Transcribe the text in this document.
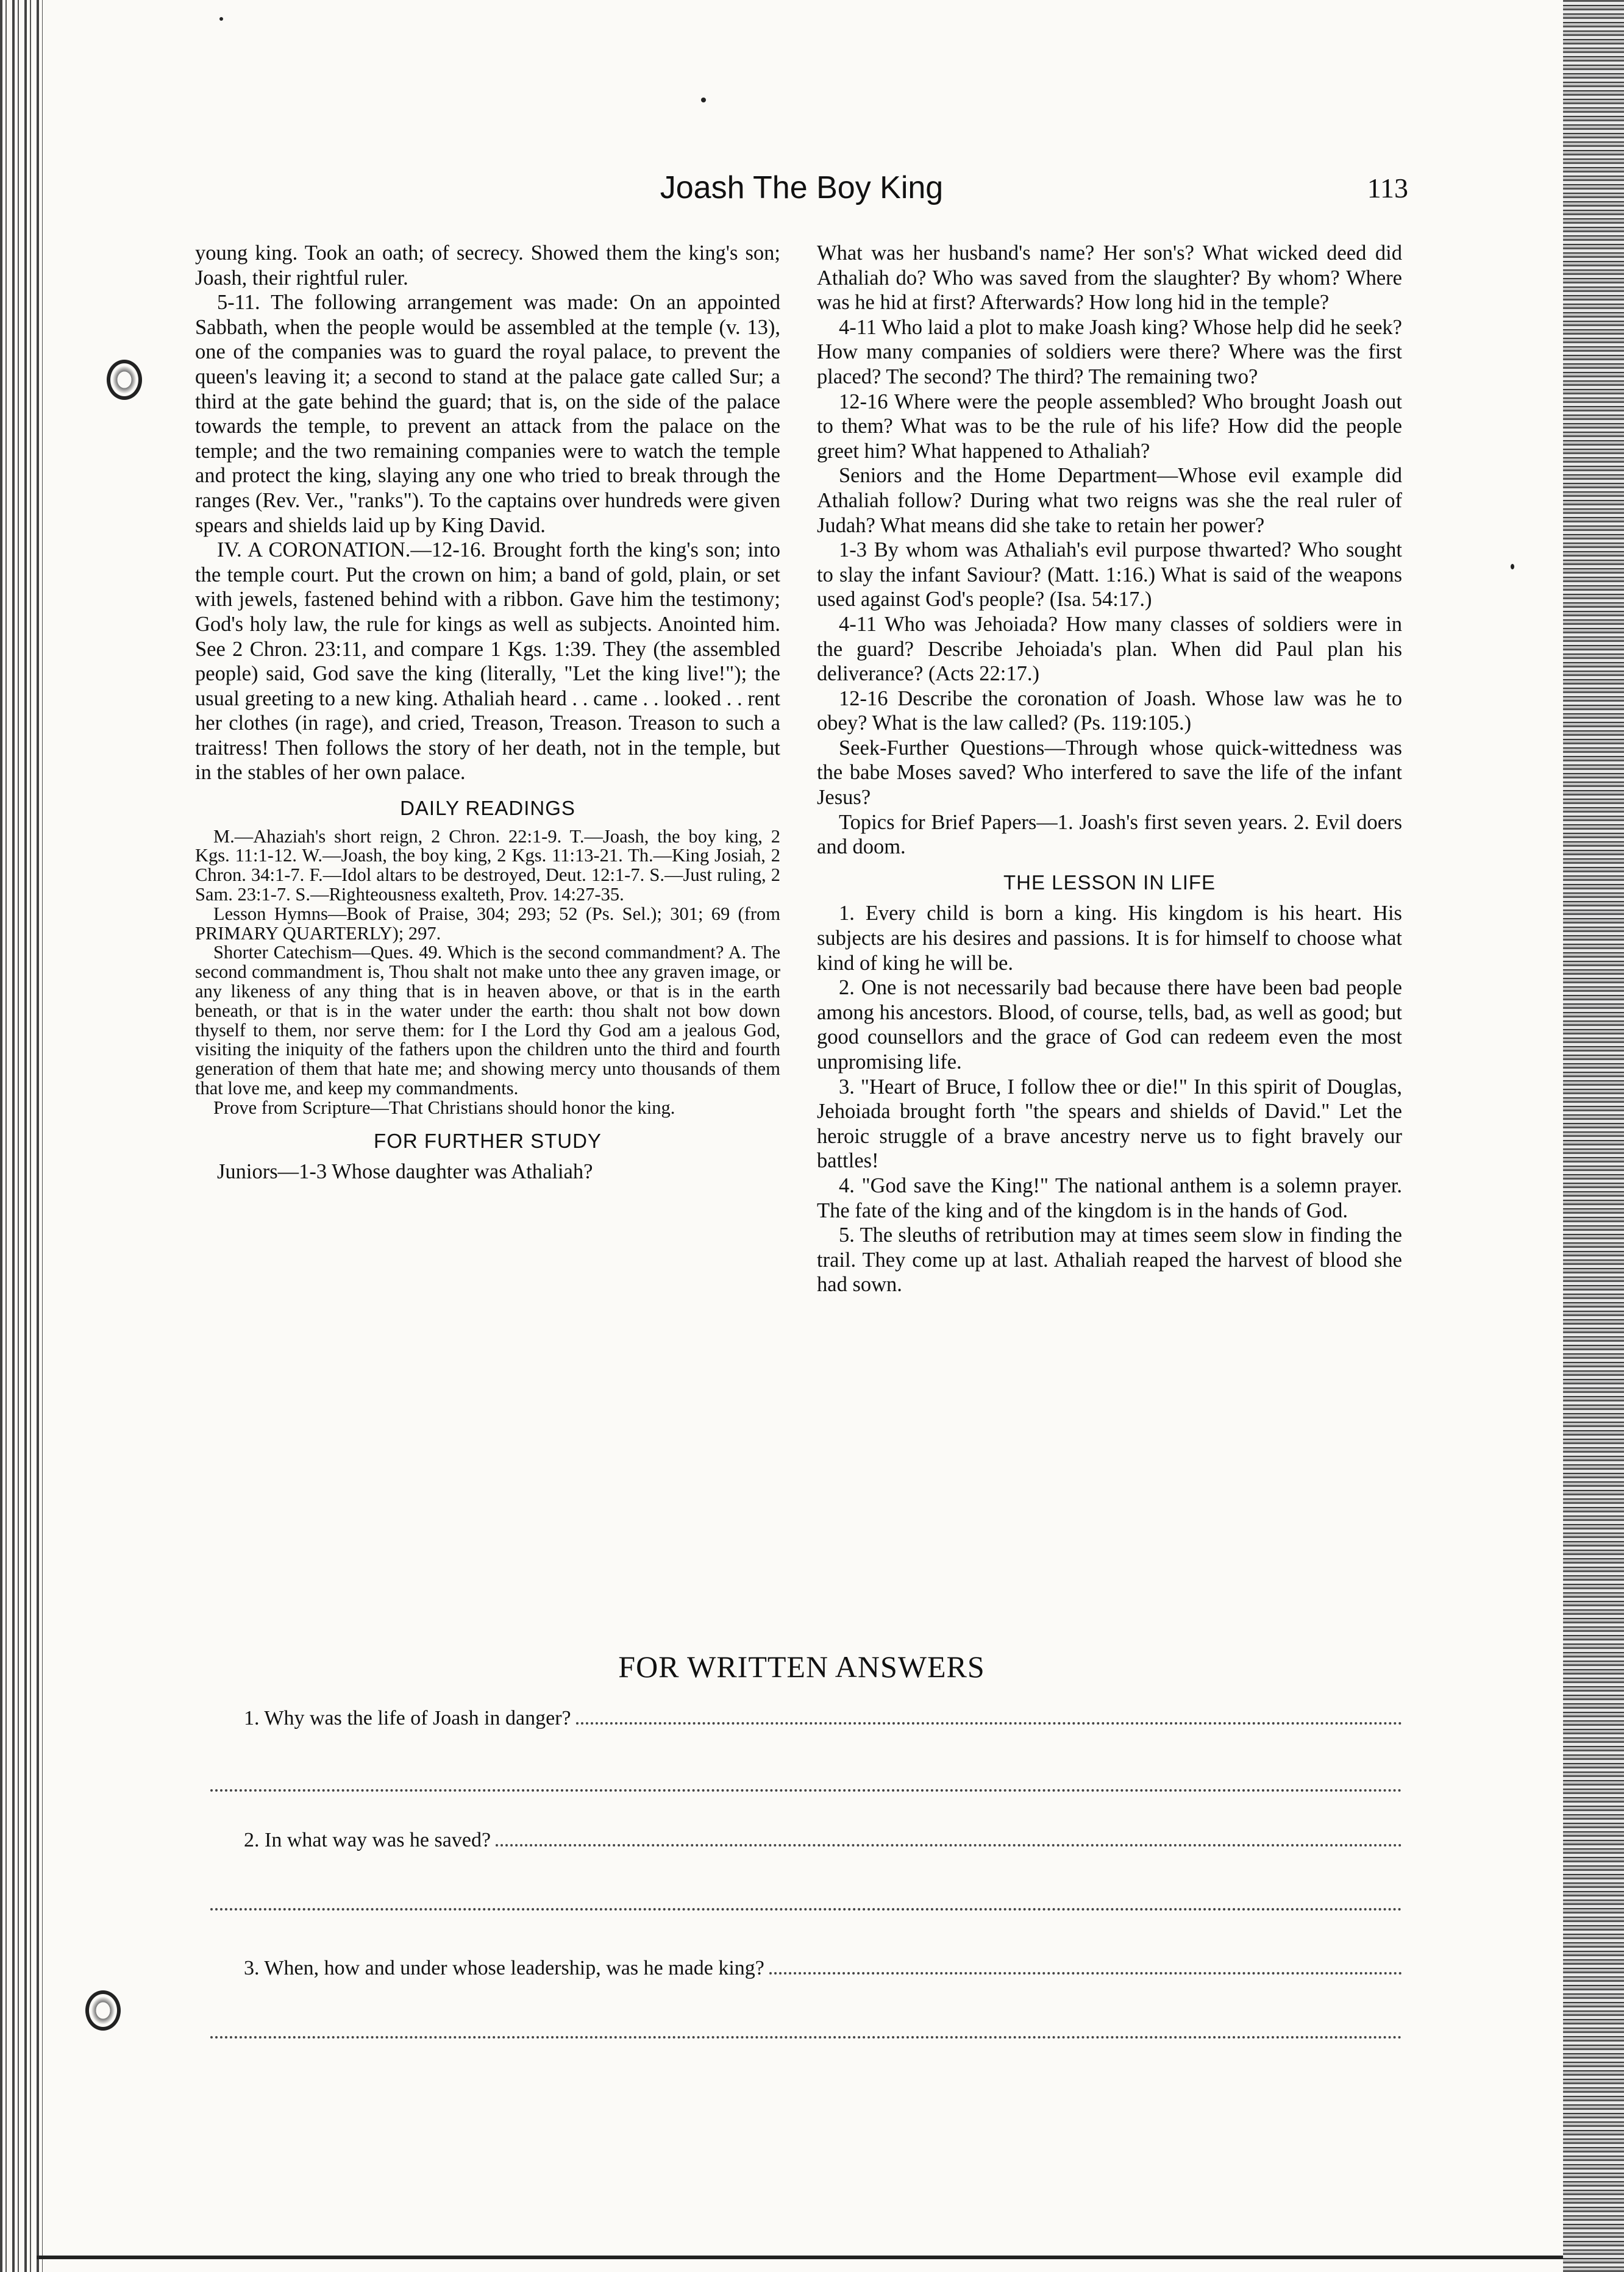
Joash The Boy King	113

young king. Took an oath; of secrecy. Showed them the king's son; Joash, their rightful ruler.

5-11. The following arrangement was made: On an appointed Sabbath, when the people would be assembled at the temple (v. 13), one of the companies was to guard the royal palace, to prevent the queen's leaving it; a second to stand at the palace gate called Sur; a third at the gate behind the guard; that is, on the side of the palace towards the temple, to prevent an attack from the palace on the temple; and the two remaining companies were to watch the temple and protect the king, slaying any one who tried to break through the ranges (Rev. Ver., "ranks"). To the captains over hundreds were given spears and shields laid up by King David.

IV. A CORONATION.—12-16. Brought forth the king's son; into the temple court. Put the crown on him; a band of gold, plain, or set with jewels, fastened behind with a ribbon. Gave him the testimony; God's holy law, the rule for kings as well as subjects. Anointed him. See 2 Chron. 23:11, and compare 1 Kgs. 1:39. They (the assembled people) said, God save the king (literally, "Let the king live!"); the usual greeting to a new king. Athaliah heard . . came . . looked . . rent her clothes (in rage), and cried, Treason, Treason. Treason to such a traitress! Then follows the story of her death, not in the temple, but in the stables of her own palace.

DAILY READINGS

M.—Ahaziah's short reign, 2 Chron. 22:1-9. T.—Joash, the boy king, 2 Kgs. 11:1-12. W.—Joash, the boy king, 2 Kgs. 11:13-21. Th.—King Josiah, 2 Chron. 34:1-7. F.—Idol altars to be destroyed, Deut. 12:1-7. S.—Just ruling, 2 Sam. 23:1-7. S.—Righteousness exalteth, Prov. 14:27-35.

Lesson Hymns—Book of Praise, 304; 293; 52 (Ps. Sel.); 301; 69 (from PRIMARY QUARTERLY); 297.

Shorter Catechism—Ques. 49. Which is the second commandment? A. The second commandment is, Thou shalt not make unto thee any graven image, or any likeness of any thing that is in heaven above, or that is in the earth beneath, or that is in the water under the earth: thou shalt not bow down thyself to them, nor serve them: for I the Lord thy God am a jealous God, visiting the iniquity of the fathers upon the children unto the third and fourth generation of them that hate me; and showing mercy unto thousands of them that love me, and keep my commandments.

Prove from Scripture—That Christians should honor the king.

FOR FURTHER STUDY

Juniors—1-3 Whose daughter was Athaliah?

What was her husband's name? Her son's? What wicked deed did Athaliah do? Who was saved from the slaughter? By whom? Where was he hid at first? Afterwards? How long hid in the temple?

4-11 Who laid a plot to make Joash king? Whose help did he seek? How many companies of soldiers were there? Where was the first placed? The second? The third? The remaining two?

12-16 Where were the people assembled? Who brought Joash out to them? What was to be the rule of his life? How did the people greet him? What happened to Athaliah?

Seniors and the Home Department—Whose evil example did Athaliah follow? During what two reigns was she the real ruler of Judah? What means did she take to retain her power?

1-3 By whom was Athaliah's evil purpose thwarted? Who sought to slay the infant Saviour? (Matt. 1:16.) What is said of the weapons used against God's people? (Isa. 54:17.)

4-11 Who was Jehoiada? How many classes of soldiers were in the guard? Describe Jehoiada's plan. When did Paul plan his deliverance? (Acts 22:17.)

12-16 Describe the coronation of Joash. Whose law was he to obey? What is the law called? (Ps. 119:105.)

Seek-Further Questions—Through whose quick-wittedness was the babe Moses saved? Who interfered to save the life of the infant Jesus?

Topics for Brief Papers—1. Joash's first seven years. 2. Evil doers and doom.

THE LESSON IN LIFE

1. Every child is born a king. His kingdom is his heart. His subjects are his desires and passions. It is for himself to choose what kind of king he will be.

2. One is not necessarily bad because there have been bad people among his ancestors. Blood, of course, tells, bad, as well as good; but good counsellors and the grace of God can redeem even the most unpromising life.

3. "Heart of Bruce, I follow thee or die!" In this spirit of Douglas, Jehoiada brought forth "the spears and shields of David." Let the heroic struggle of a brave ancestry nerve us to fight bravely our battles!

4. "God save the King!" The national anthem is a solemn prayer. The fate of the king and of the kingdom is in the hands of God.

5. The sleuths of retribution may at times seem slow in finding the trail. They come up at last. Athaliah reaped the harvest of blood she had sown.

FOR WRITTEN ANSWERS
1. Why was the life of Joash in danger?
2. In what way was he saved?
3. When, how and under whose leadership, was he made king?
